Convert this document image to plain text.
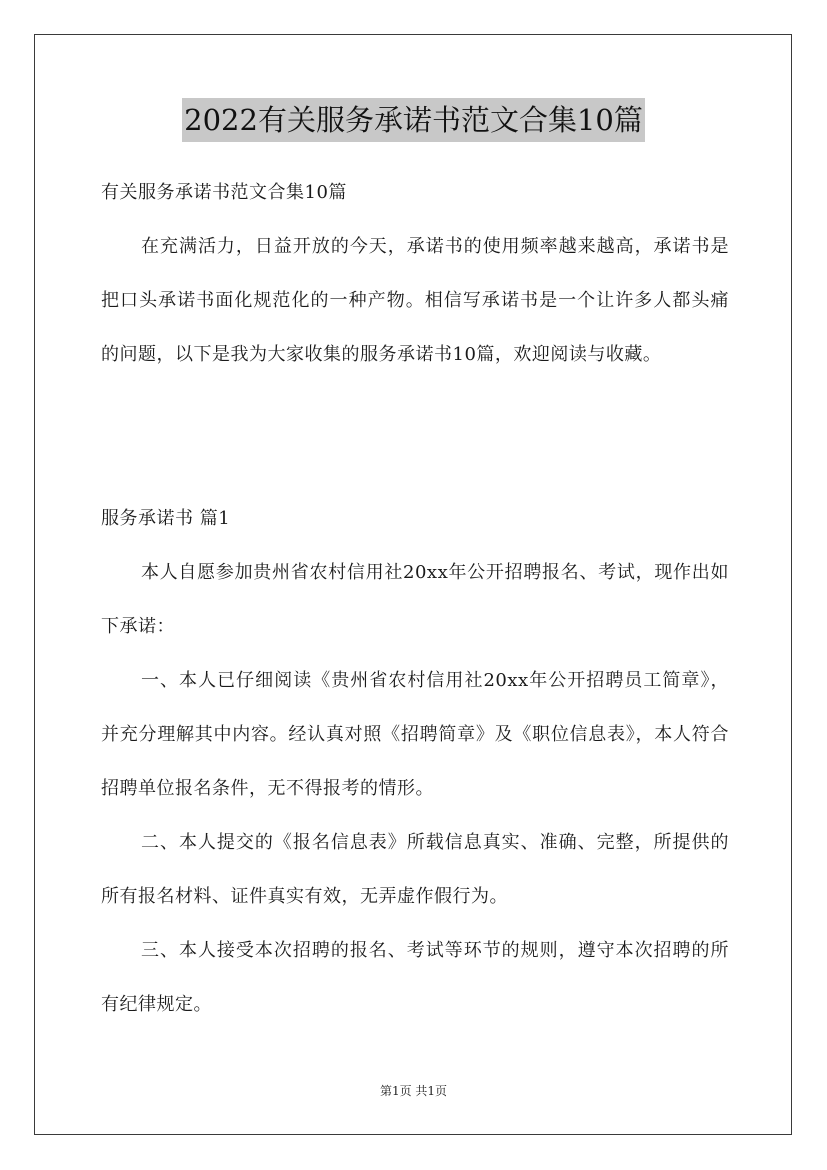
2022有关服务承诺书范文合集10篇
有关服务承诺书范文合集10篇
在充满活力，日益开放的今天，承诺书的使用频率越来越高，承诺书是把口头承诺书面化规范化的一种产物。相信写承诺书是一个让许多人都头痛的问题，以下是我为大家收集的服务承诺书10篇，欢迎阅读与收藏。
服务承诺书 篇1
本人自愿参加贵州省农村信用社20xx年公开招聘报名、考试，现作出如下承诺：
一、本人已仔细阅读《贵州省农村信用社20xx年公开招聘员工简章》，并充分理解其中内容。经认真对照《招聘简章》及《职位信息表》，本人符合招聘单位报名条件，无不得报考的情形。
二、本人提交的《报名信息表》所载信息真实、准确、完整，所提供的所有报名材料、证件真实有效，无弄虚作假行为。
三、本人接受本次招聘的报名、考试等环节的规则，遵守本次招聘的所有纪律规定。
第1页 共1页
